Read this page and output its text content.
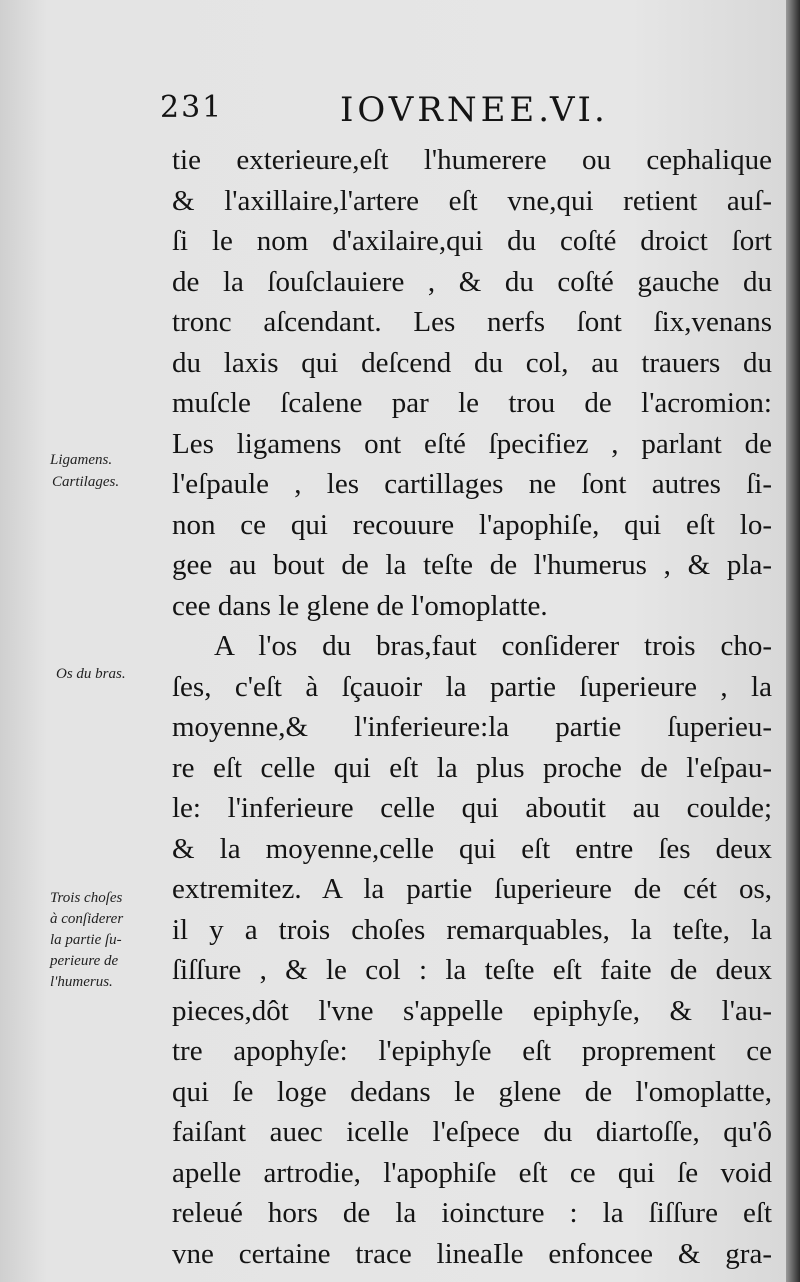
231	IOVRNEE.
VI.
tie exterieure,eſt l'humerere ou cephalique
& l'axillaire,l'artere eſt vne,qui retient auſ-
ſi le nom d'axilaire,qui du coſté droict ſort
de la ſouſclauiere , & du coſté gauche du
tronc aſcendant. Les nerfs ſont ſix,venans
du laxis qui deſcend du col, au trauers du
muſcle ſcalene par le trou de l'acromion:
Les ligamens ont eſté ſpecifiez , parlant de
l'eſpaule , les cartillages ne ſont autres ſi-
non ce qui recouure l'apophiſe, qui eſt lo-
gee au bout de la teſte de l'humerus , & pla-
cee dans le glene de l'omoplatte.
A l'os du bras,faut conſiderer trois cho-
ſes, c'eſt à ſçauoir la partie ſuperieure , la
moyenne,& l'inferieure:la partie ſuperieu-
re eſt celle qui eſt la plus proche de l'eſpau-
le: l'inferieure celle qui aboutit au coulde;
& la moyenne,celle qui eſt entre ſes deux
extremitez. A la partie ſuperieure de cét os,
il y a trois choſes remarquables, la teſte, la
ſiſſure , & le col : la teſte eſt faite de deux
pieces,dôt l'vne s'appelle epiphyſe, & l'au-
tre apophyſe: l'epiphyſe eſt proprement ce
qui ſe loge dedans le glene de l'omoplatte,
faiſant auec icelle l'eſpece du diartoſſe, qu'ô
apelle artrodie, l'apophiſe eſt ce qui ſe void
releué hors de la ioincture : la ſiſſure eſt
vne certaine trace lineaIle enfoncee & gra-
Ligamens.
Cartilages.
Os du bras.
Trois choſes
à conſiderer
la partie ſu-
perieure de
l'humerus.
